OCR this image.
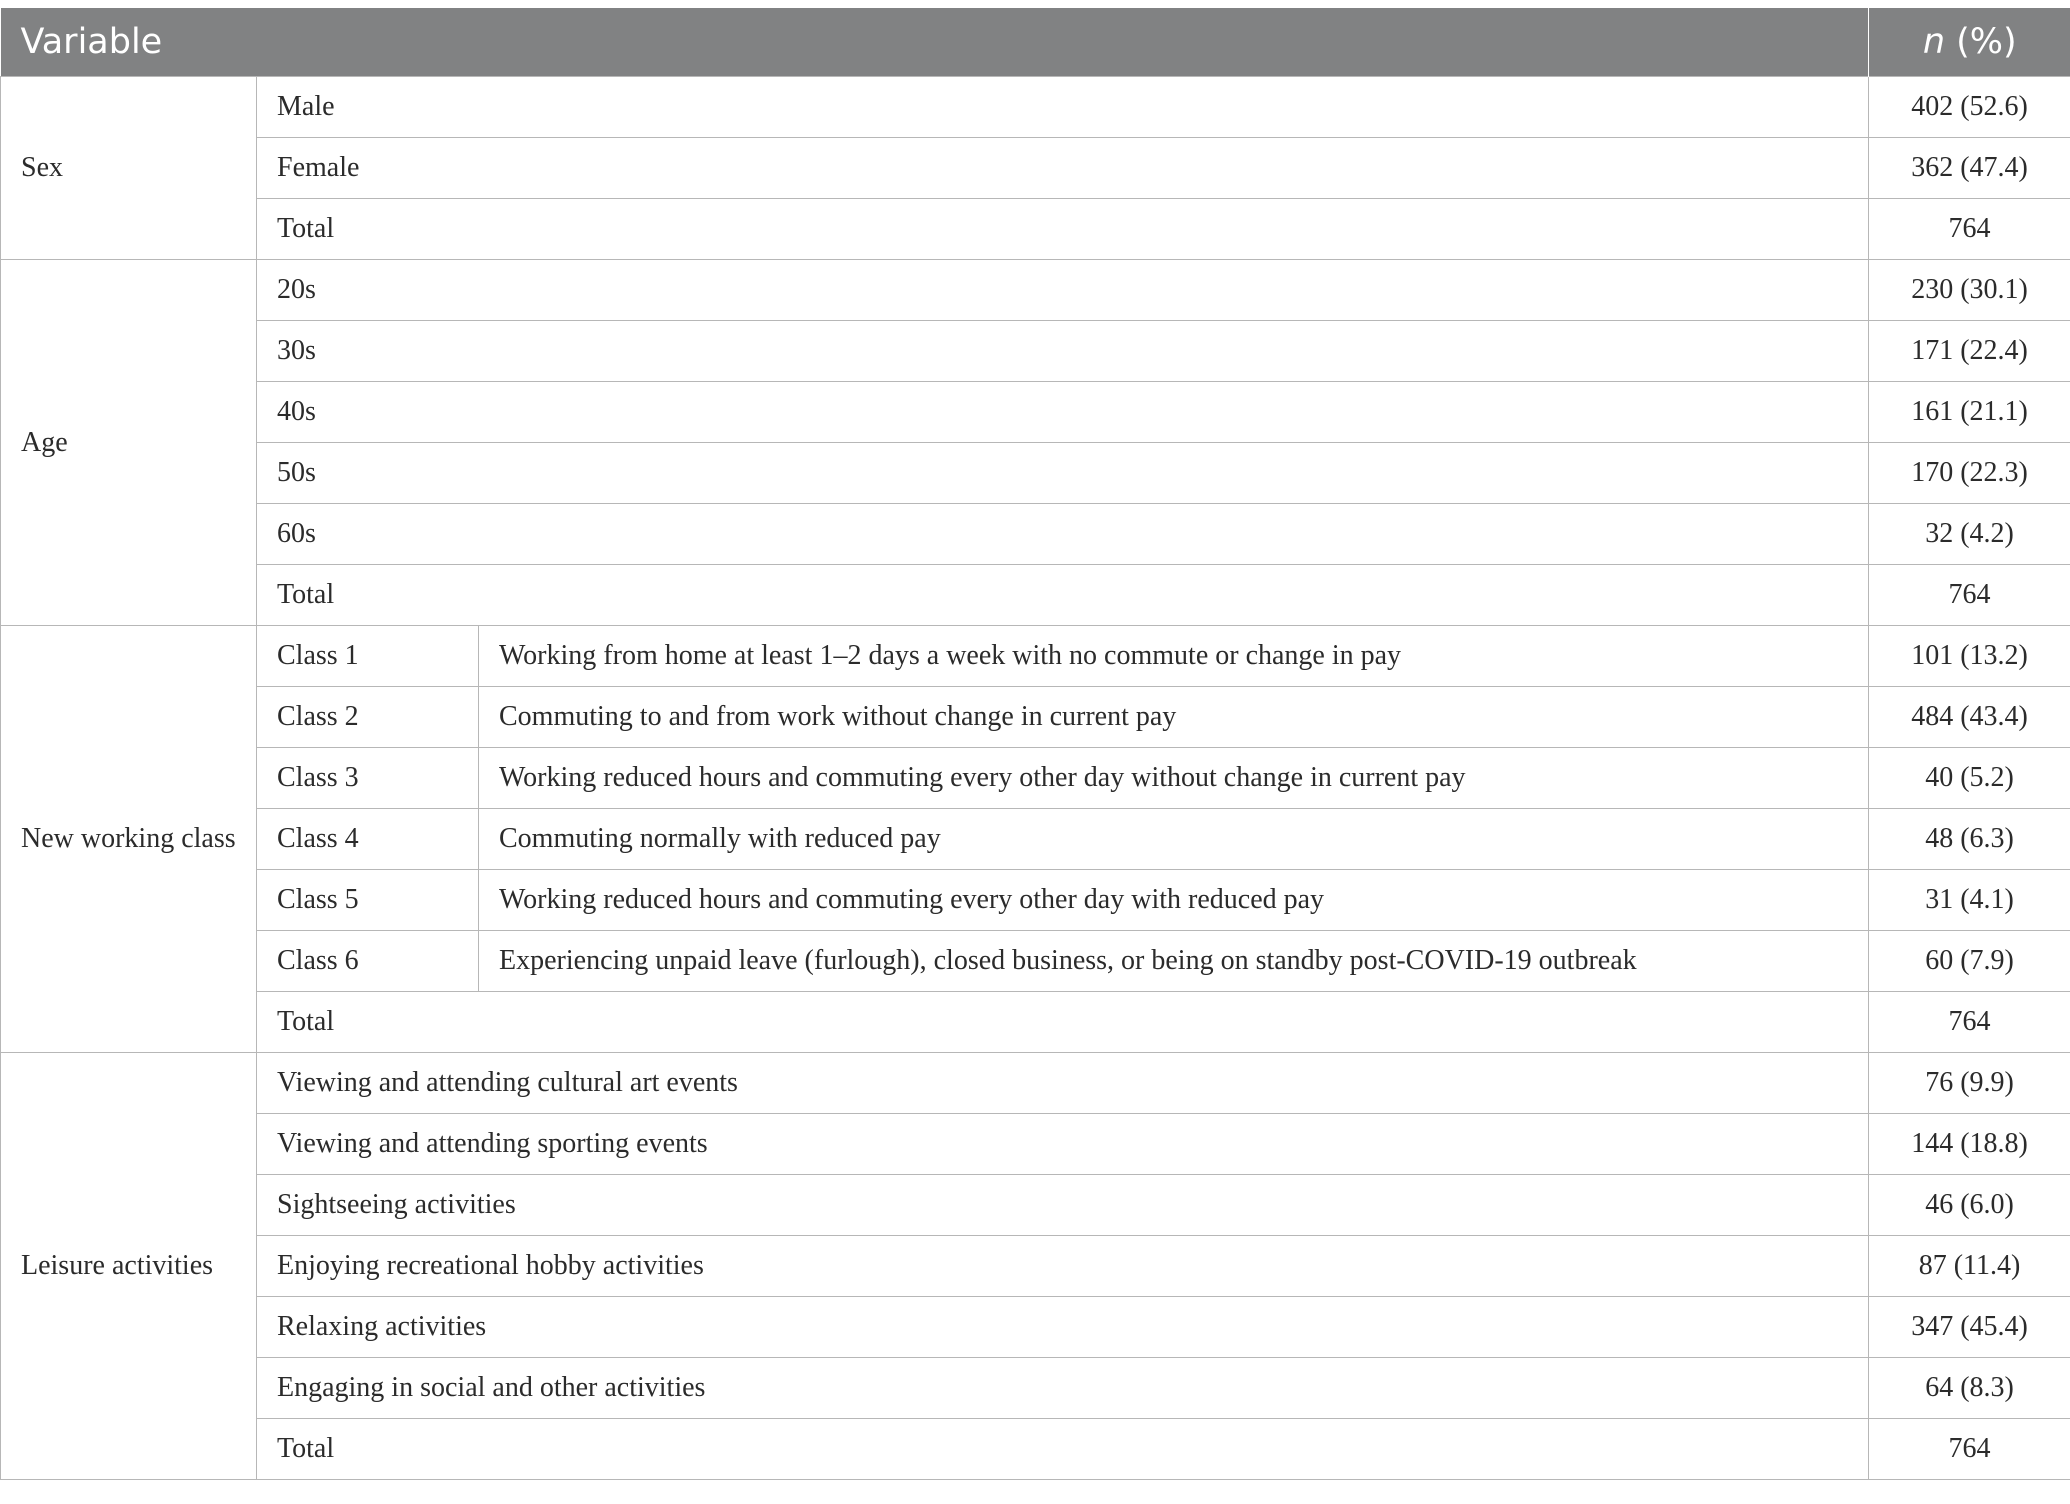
Variable			n (%)
Sex	Male		402 (52.6)
	Female		362 (47.4)
	Total		764
Age	20s		230 (30.1)
	30s		171 (22.4)
	40s		161 (21.1)
	50s		170 (22.3)
	60s		32 (4.2)
	Total		764
New working class	Class 1	Working from home at least 1–2 days a week with no commute or change in pay	101 (13.2)
	Class 2	Commuting to and from work without change in current pay	484 (43.4)
	Class 3	Working reduced hours and commuting every other day without change in current pay	40 (5.2)
	Class 4	Commuting normally with reduced pay	48 (6.3)
	Class 5	Working reduced hours and commuting every other day with reduced pay	31 (4.1)
	Class 6	Experiencing unpaid leave (furlough), closed business, or being on standby post-COVID-19 outbreak	60 (7.9)
	Total		764
Leisure activities	Viewing and attending cultural art events		76 (9.9)
	Viewing and attending sporting events		144 (18.8)
	Sightseeing activities		46 (6.0)
	Enjoying recreational hobby activities		87 (11.4)
	Relaxing activities		347 (45.4)
	Engaging in social and other activities		64 (8.3)
	Total		764
